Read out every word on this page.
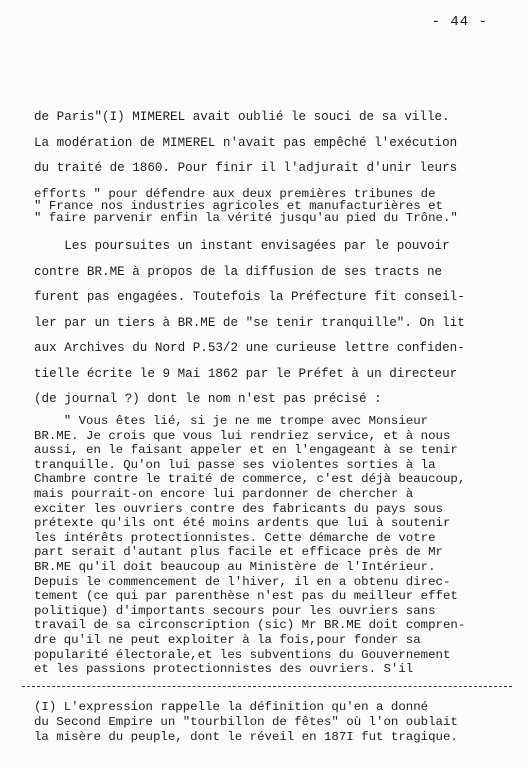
- 44 -
de Paris"(I) MIMEREL avait oublié le souci de sa ville.
La modération de MIMEREL n'avait pas empêché l'exécution
du traité de 1860. Pour finir il l'adjurait d'unir leurs
efforts " pour défendre aux deux premières tribunes de
" France nos industries agricoles et manufacturières et
" faire parvenir enfin la vérité jusqu'au pied du Trône."
Les poursuites un instant envisagées par le pouvoir
contre BR.ME à propos de la diffusion de ses tracts ne
furent pas engagées. Toutefois la Préfecture fit conseil-
ler par un tiers à BR.ME de "se tenir tranquille". On lit
aux Archives du Nord P.53/2 une curieuse lettre confiden-
tielle écrite le 9 Mai 1862 par le Préfet à un directeur
(de journal ?) dont le nom n'est pas précisé :
" Vous êtes lié, si je ne me trompe avec Monsieur
BR.ME. Je crois que vous lui rendriez service, et à nous
aussi, en le faisant appeler et en l'engageant à se tenir
tranquille. Qu'on lui passe ses violentes sorties à la
Chambre contre le traité de commerce, c'est déjà beaucoup,
mais pourrait-on encore lui pardonner de chercher à
exciter les ouvriers contre des fabricants du pays sous
prétexte qu'ils ont été moins ardents que lui à soutenir
les intérêts protectionnistes. Cette démarche de votre
part serait d'autant plus facile et efficace près de Mr
BR.ME qu'il doit beaucoup au Ministère de l'Intérieur.
Depuis le commencement de l'hiver, il en a obtenu direc-
tement (ce qui par parenthèse n'est pas du meilleur effet
politique) d'importants secours pour les ouvriers sans
travail de sa circonscription (sic) Mr BR.ME doit compren-
dre qu'il ne peut exploiter à la fois,pour fonder sa
popularité électorale,et les subventions du Gouvernement
et les passions protectionnistes des ouvriers. S'il
(I) L'expression rappelle la définition qu'en a donné
du Second Empire un "tourbillon de fêtes" où l'on oublait
la misère du peuple, dont le réveil en 187I fut tragique.
